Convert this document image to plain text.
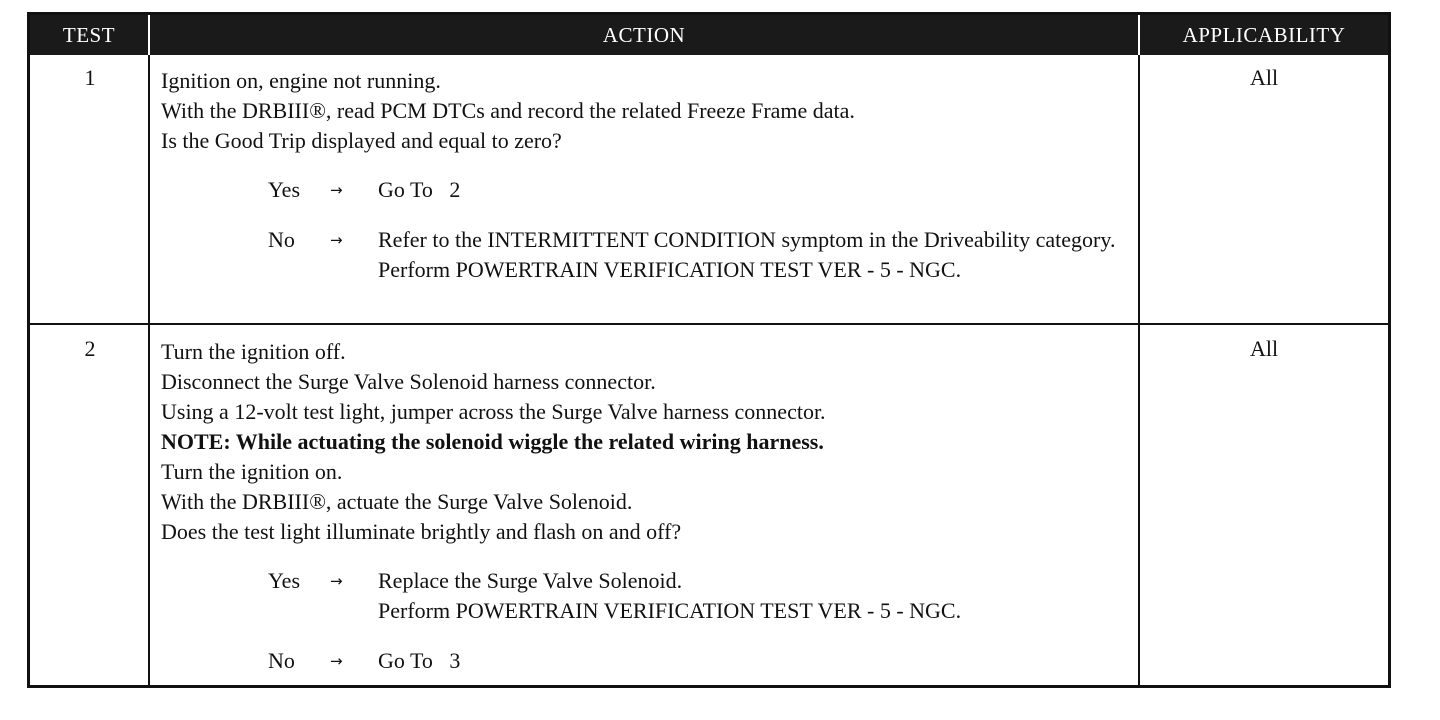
TEST	ACTION	APPLICABILITY
1	Ignition on, engine not running.

With the DRBIII®, read PCM DTCs and record the related Freeze Frame data.

Is the Good Trip displayed and equal to zero?

Yes	→	Go To   2

No	→	Refer to the INTERMITTENT CONDITION symptom in the Driveability category.

Perform POWERTRAIN VERIFICATION TEST VER - 5 - NGC.

All
2	Turn the ignition off.

Disconnect the Surge Valve Solenoid harness connector.

Using a 12-volt test light, jumper across the Surge Valve harness connector.

NOTE: While actuating the solenoid wiggle the related wiring harness.

Turn the ignition on.

With the DRBIII®, actuate the Surge Valve Solenoid.

Does the test light illuminate brightly and flash on and off?

Yes	→	Replace the Surge Valve Solenoid.

Perform POWERTRAIN VERIFICATION TEST VER - 5 - NGC.

No	→	Go To   3

All
